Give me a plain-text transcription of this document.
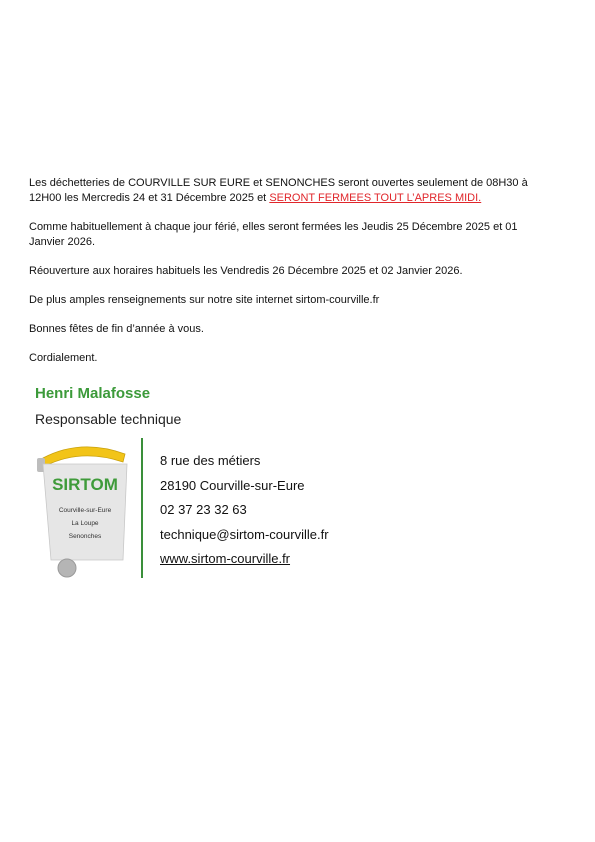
Les déchetteries de COURVILLE SUR EURE et SENONCHES seront ouvertes seulement de 08H30 à 12H00 les Mercredis 24 et 31 Décembre 2025 et SERONT FERMEES TOUT L’APRES MIDI.

Comme habituellement à chaque jour férié, elles seront fermées les Jeudis 25 Décembre 2025 et 01 Janvier 2026.

Réouverture aux horaires habituels les Vendredis 26 Décembre 2025 et 02 Janvier 2026.

De plus amples renseignements sur notre site internet sirtom-courville.fr

Bonnes fêtes de fin d’année à vous.

Cordialement.

Henri Malafosse
Responsable technique
SIRTOM
Courville-sur-Eure
La Loupe
Senonches
8 rue des métiers
28190 Courville-sur-Eure
02 37 23 32 63
technique@sirtom-courville.fr
www.sirtom-courville.fr
